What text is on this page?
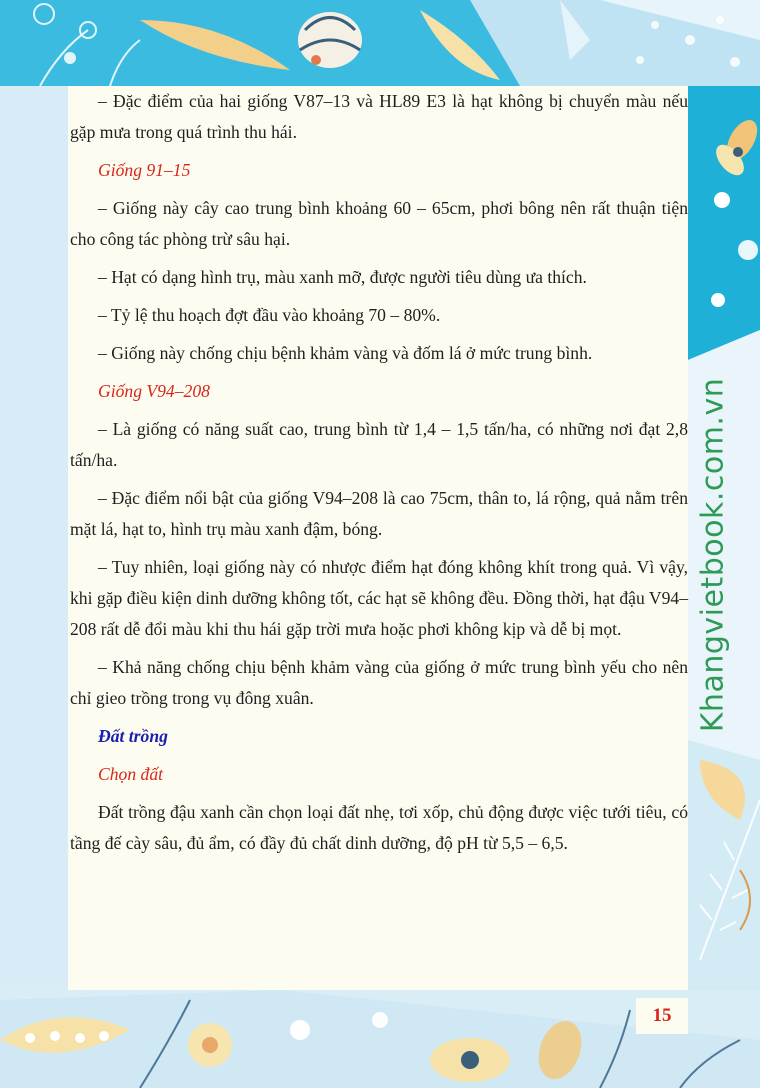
– Đặc điểm của hai giống V87–13 và HL89 E3 là hạt không bị chuyển màu nếu gặp mưa trong quá trình thu hái.

Giống 91–15

– Giống này cây cao trung bình khoảng 60 – 65cm, phơi bông nên rất thuận tiện cho công tác phòng trừ sâu hại.

– Hạt có dạng hình trụ, màu xanh mỡ, được người tiêu dùng ưa thích.

– Tỷ lệ thu hoạch đợt đầu vào khoảng 70 – 80%.

– Giống này chống chịu bệnh khảm vàng và đốm lá ở mức trung bình.

Giống V94–208

– Là giống có năng suất cao, trung bình từ 1,4 – 1,5 tấn/ha, có những nơi đạt 2,8 tấn/ha.

– Đặc điểm nổi bật của giống V94–208 là cao 75cm, thân to, lá rộng, quả nằm trên mặt lá, hạt to, hình trụ màu xanh đậm, bóng.

– Tuy nhiên, loại giống này có nhược điểm hạt đóng không khít trong quả. Vì vậy, khi gặp điều kiện dinh dưỡng không tốt, các hạt sẽ không đều. Đồng thời, hạt đậu V94–208 rất dễ đổi màu khi thu hái gặp trời mưa hoặc phơi không kịp và dễ bị mọt.

– Khả năng chống chịu bệnh khảm vàng của giống ở mức trung bình yếu cho nên chỉ gieo trồng trong vụ đông xuân.

Đất trồng

Chọn đất

Đất trồng đậu xanh cần chọn loại đất nhẹ, tơi xốp, chủ động được việc tưới tiêu, có tầng đế cày sâu, đủ ẩm, có đầy đủ chất dinh dưỡng, độ pH từ 5,5 – 6,5.

15
Khangvietbook.com.vn
